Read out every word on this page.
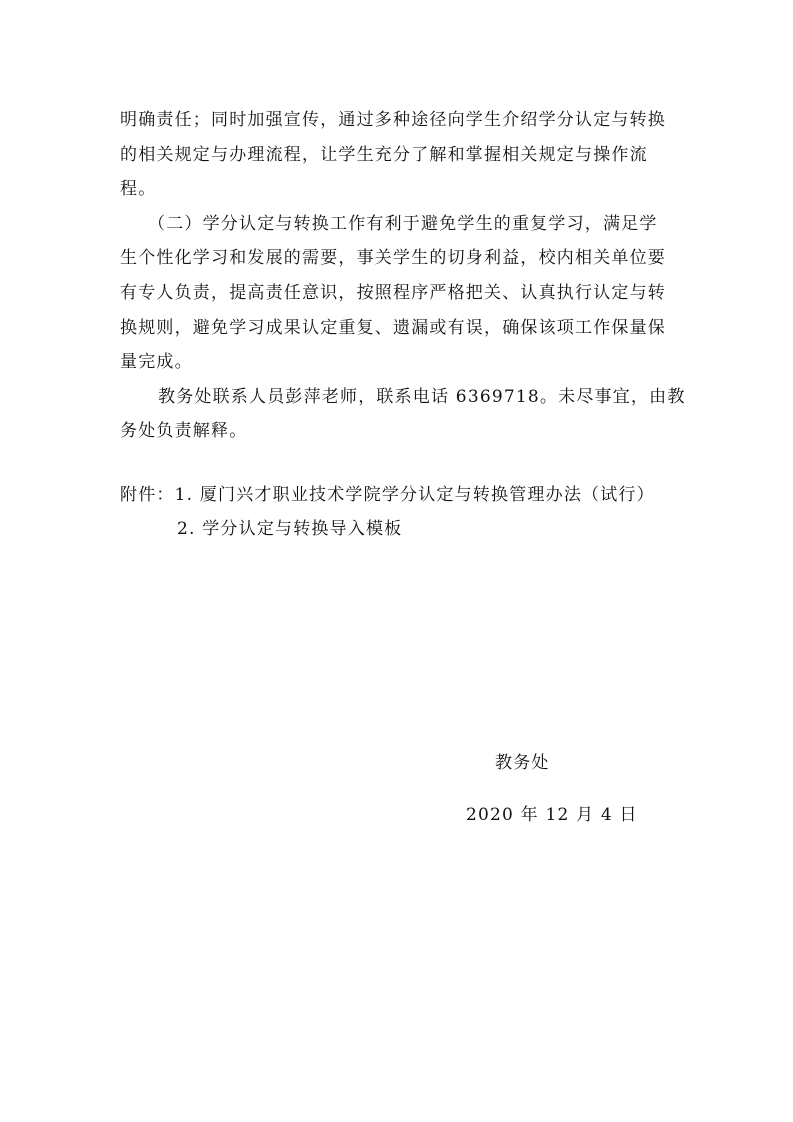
明确责任；同时加强宣传，通过多种途径向学生介绍学分认定与转换
的相关规定与办理流程，让学生充分了解和掌握相关规定与操作流
程。
（二）学分认定与转换工作有利于避免学生的重复学习，满足学
生个性化学习和发展的需要，事关学生的切身利益，校内相关单位要
有专人负责，提高责任意识，按照程序严格把关、认真执行认定与转
换规则，避免学习成果认定重复、遗漏或有误，确保该项工作保量保
量完成。
教务处联系人员彭萍老师，联系电话 6369718。未尽事宜，由教
务处负责解释。
附件：1. 厦门兴才职业技术学院学分认定与转换管理办法（试行）
2. 学分认定与转换导入模板
教务处
2020 年 12 月 4 日
